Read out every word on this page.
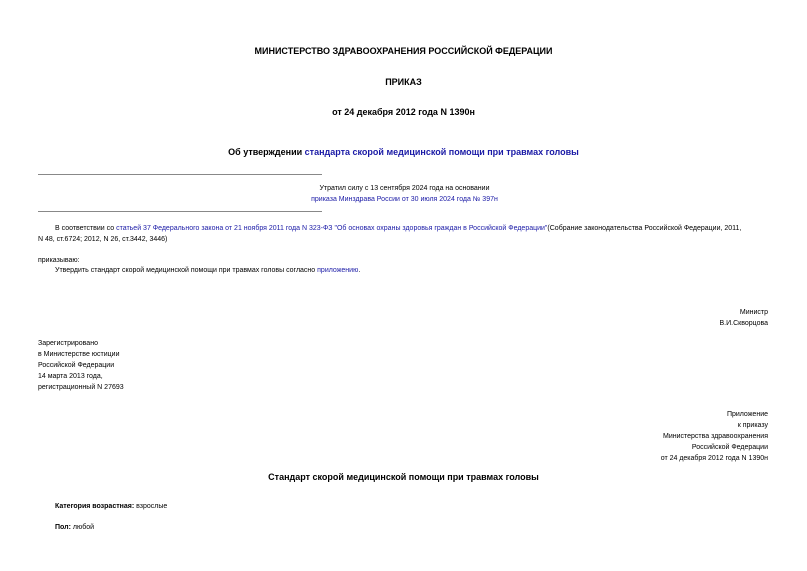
МИНИСТЕРСТВО ЗДРАВООХРАНЕНИЯ РОССИЙСКОЙ ФЕДЕРАЦИИ
ПРИКАЗ
от 24 декабря 2012 года N 1390н
Об утверждении стандарта скорой медицинской помощи при травмах головы
Утратил силу с 13 сентября 2024 года на основании
приказа Минздрава России от 30 июля 2024 года № 397н
В соответствии со статьей 37 Федерального закона от 21 ноября 2011 года N 323-ФЗ "Об основах охраны здоровья граждан в Российской Федерации"(Собрание законодательства Российской Федерации, 2011,
N 48, ст.6724; 2012, N 26, ст.3442, 3446)
приказываю:
Утвердить стандарт скорой медицинской помощи при травмах головы согласно приложению.
Министр
В.И.Скворцова
Зарегистрировано
в Министерстве юстиции
Российской Федерации
14 марта 2013 года,
регистрационный N 27693
Приложение
к приказу
Министерства здравоохранения
Российской Федерации
от 24 декабря 2012 года N 1390н
Стандарт скорой медицинской помощи при травмах головы
Категория возрастная: взрослые
Пол: любой
